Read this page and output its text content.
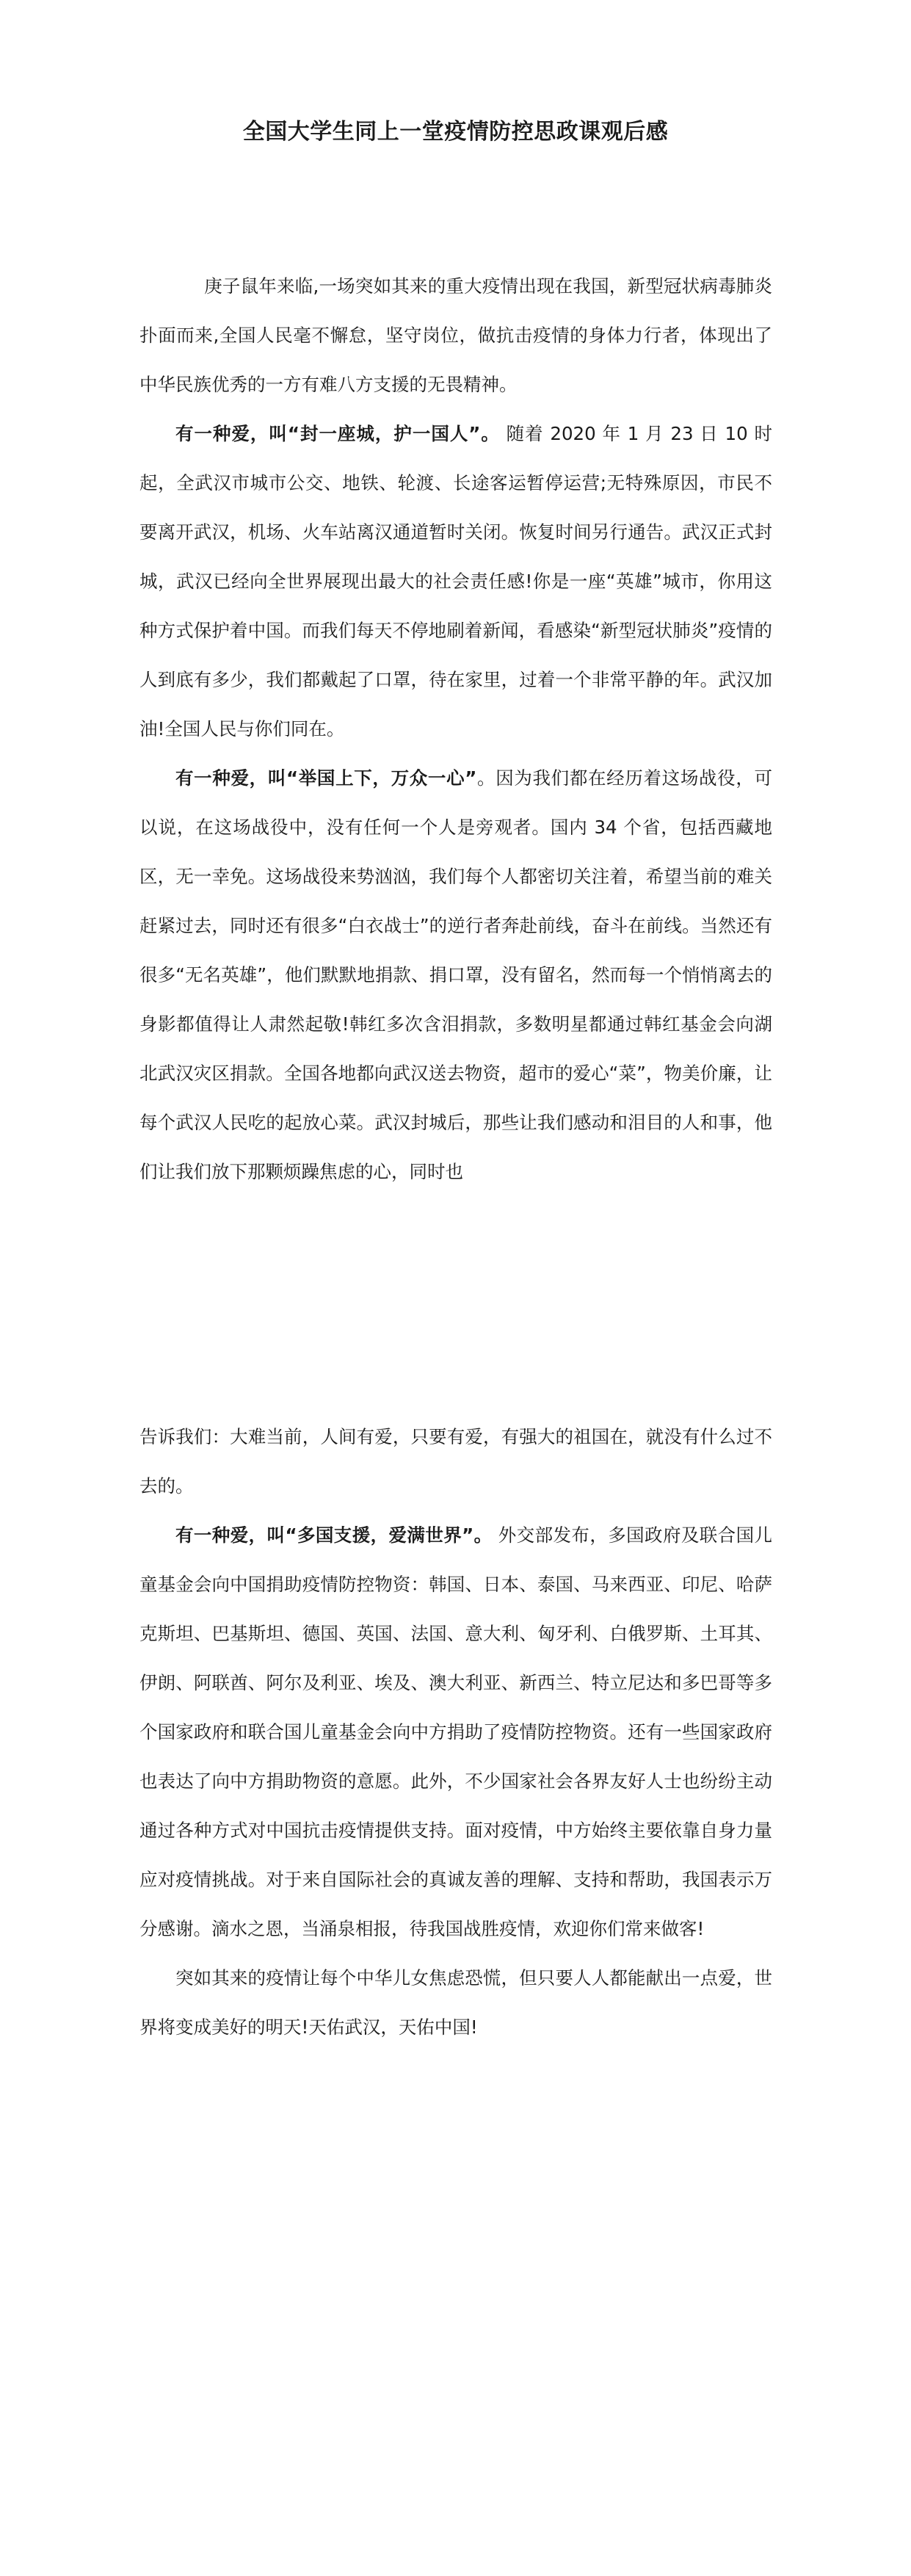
全国大学生同上一堂疫情防控思政课观后感

庚子鼠年来临,一场突如其来的重大疫情出现在我国，新型冠状病毒肺炎扑面而来,全国人民毫不懈怠，坚守岗位，做抗击疫情的身体力行者，体现出了中华民族优秀的一方有难八方支援的无畏精神。

有一种爱，叫“封一座城，护一国人”。 随着 2020 年 1 月 23 日 10 时起，全武汉市城市公交、地铁、轮渡、长途客运暂停运营;无特殊原因，市民不要离开武汉，机场、火车站离汉通道暂时关闭。恢复时间另行通告。武汉正式封城，武汉已经向全世界展现出最大的社会责任感!你是一座“英雄”城市，你用这种方式保护着中国。而我们每天不停地刷着新闻，看感染“新型冠状肺炎”疫情的人到底有多少，我们都戴起了口罩，待在家里，过着一个非常平静的年。武汉加油!全国人民与你们同在。

有一种爱，叫“举国上下，万众一心”。因为我们都在经历着这场战役，可以说，在这场战役中，没有任何一个人是旁观者。国内 34 个省，包括西藏地区，无一幸免。这场战役来势汹汹，我们每个人都密切关注着，希望当前的难关赶紧过去，同时还有很多“白衣战士”的逆行者奔赴前线，奋斗在前线。当然还有很多“无名英雄”，他们默默地捐款、捐口罩，没有留名，然而每一个悄悄离去的身影都值得让人肃然起敬!韩红多次含泪捐款，多数明星都通过韩红基金会向湖北武汉灾区捐款。全国各地都向武汉送去物资，超市的爱心“菜”，物美价廉，让每个武汉人民吃的起放心菜。武汉封城后，那些让我们感动和泪目的人和事，他们让我们放下那颗烦躁焦虑的心，同时也

告诉我们：大难当前，人间有爱，只要有爱，有强大的祖国在，就没有什么过不去的。

有一种爱，叫“多国支援，爱满世界”。 外交部发布，多国政府及联合国儿童基金会向中国捐助疫情防控物资：韩国、日本、泰国、马来西亚、印尼、哈萨克斯坦、巴基斯坦、德国、英国、法国、意大利、匈牙利、白俄罗斯、土耳其、伊朗、阿联酋、阿尔及利亚、埃及、澳大利亚、新西兰、特立尼达和多巴哥等多个国家政府和联合国儿童基金会向中方捐助了疫情防控物资。还有一些国家政府也表达了向中方捐助物资的意愿。此外，不少国家社会各界友好人士也纷纷主动通过各种方式对中国抗击疫情提供支持。面对疫情，中方始终主要依靠自身力量应对疫情挑战。对于来自国际社会的真诚友善的理解、支持和帮助，我国表示万分感谢。滴水之恩，当涌泉相报，待我国战胜疫情，欢迎你们常来做客!

突如其来的疫情让每个中华儿女焦虑恐慌，但只要人人都能献出一点爱，世界将变成美好的明天!天佑武汉，天佑中国!
